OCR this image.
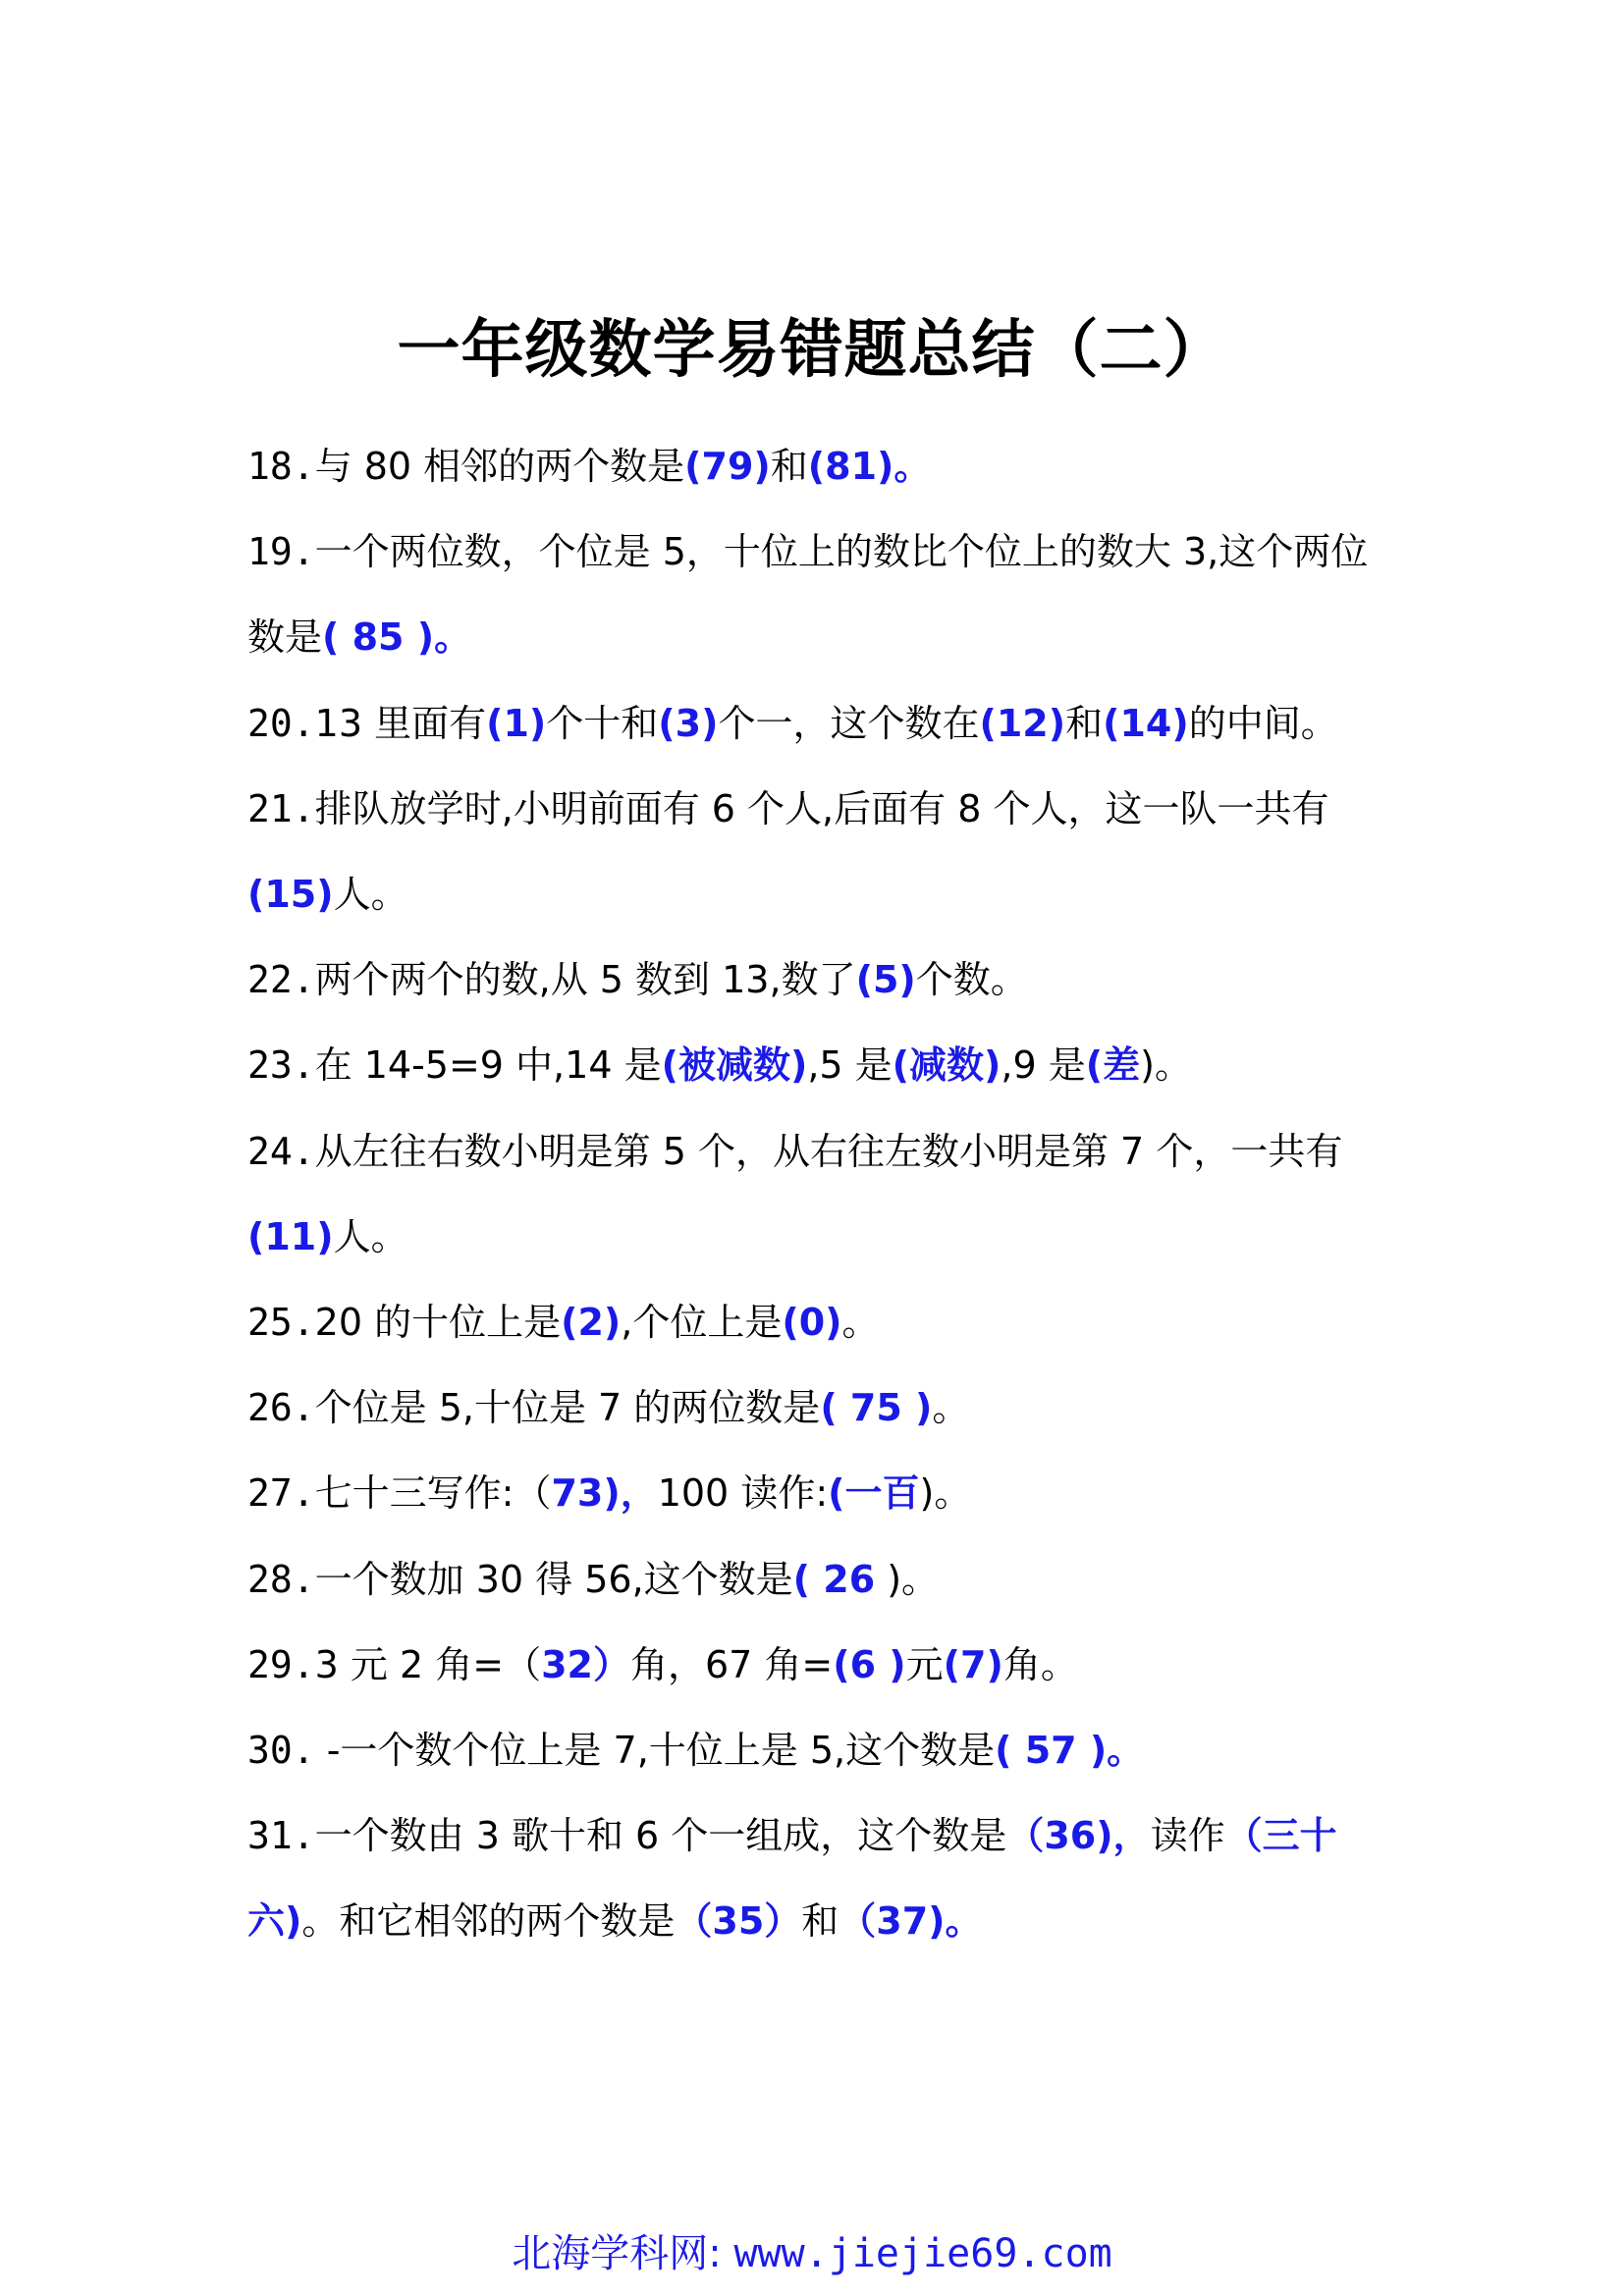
一年级数学易错题总结（二）
18.与 80 相邻的两个数是(79)和(81)。
19.一个两位数，个位是 5，十位上的数比个位上的数大 3,这个两位数是( 85 )。
20.13 里面有(1)个十和(3)个一，这个数在(12)和(14)的中间。
21.排队放学时,小明前面有 6 个人,后面有 8 个人，这一队一共有(15)人。
22.两个两个的数,从 5 数到 13,数了(5)个数。
23.在 14-5=9 中,14 是(被减数),5 是(减数),9 是(差)。
24.从左往右数小明是第 5 个，从右往左数小明是第 7 个，一共有(11)人。
25.20 的十位上是(2),个位上是(0)。
26.个位是 5,十位是 7 的两位数是( 75 )。
27.七十三写作:（73)，100 读作:(一百)。
28.一个数加 30 得 56,这个数是( 26 )。
29.3 元 2 角=（32）角，67 角=(6 )元(7)角。
30. -一个数个位上是 7,十位上是 5,这个数是( 57 )。
31.一个数由 3 歌十和 6 个一组成，这个数是（36)，读作（三十六)。和它相邻的两个数是（35）和（37)。
北海学科网: www.jiejie69.com
